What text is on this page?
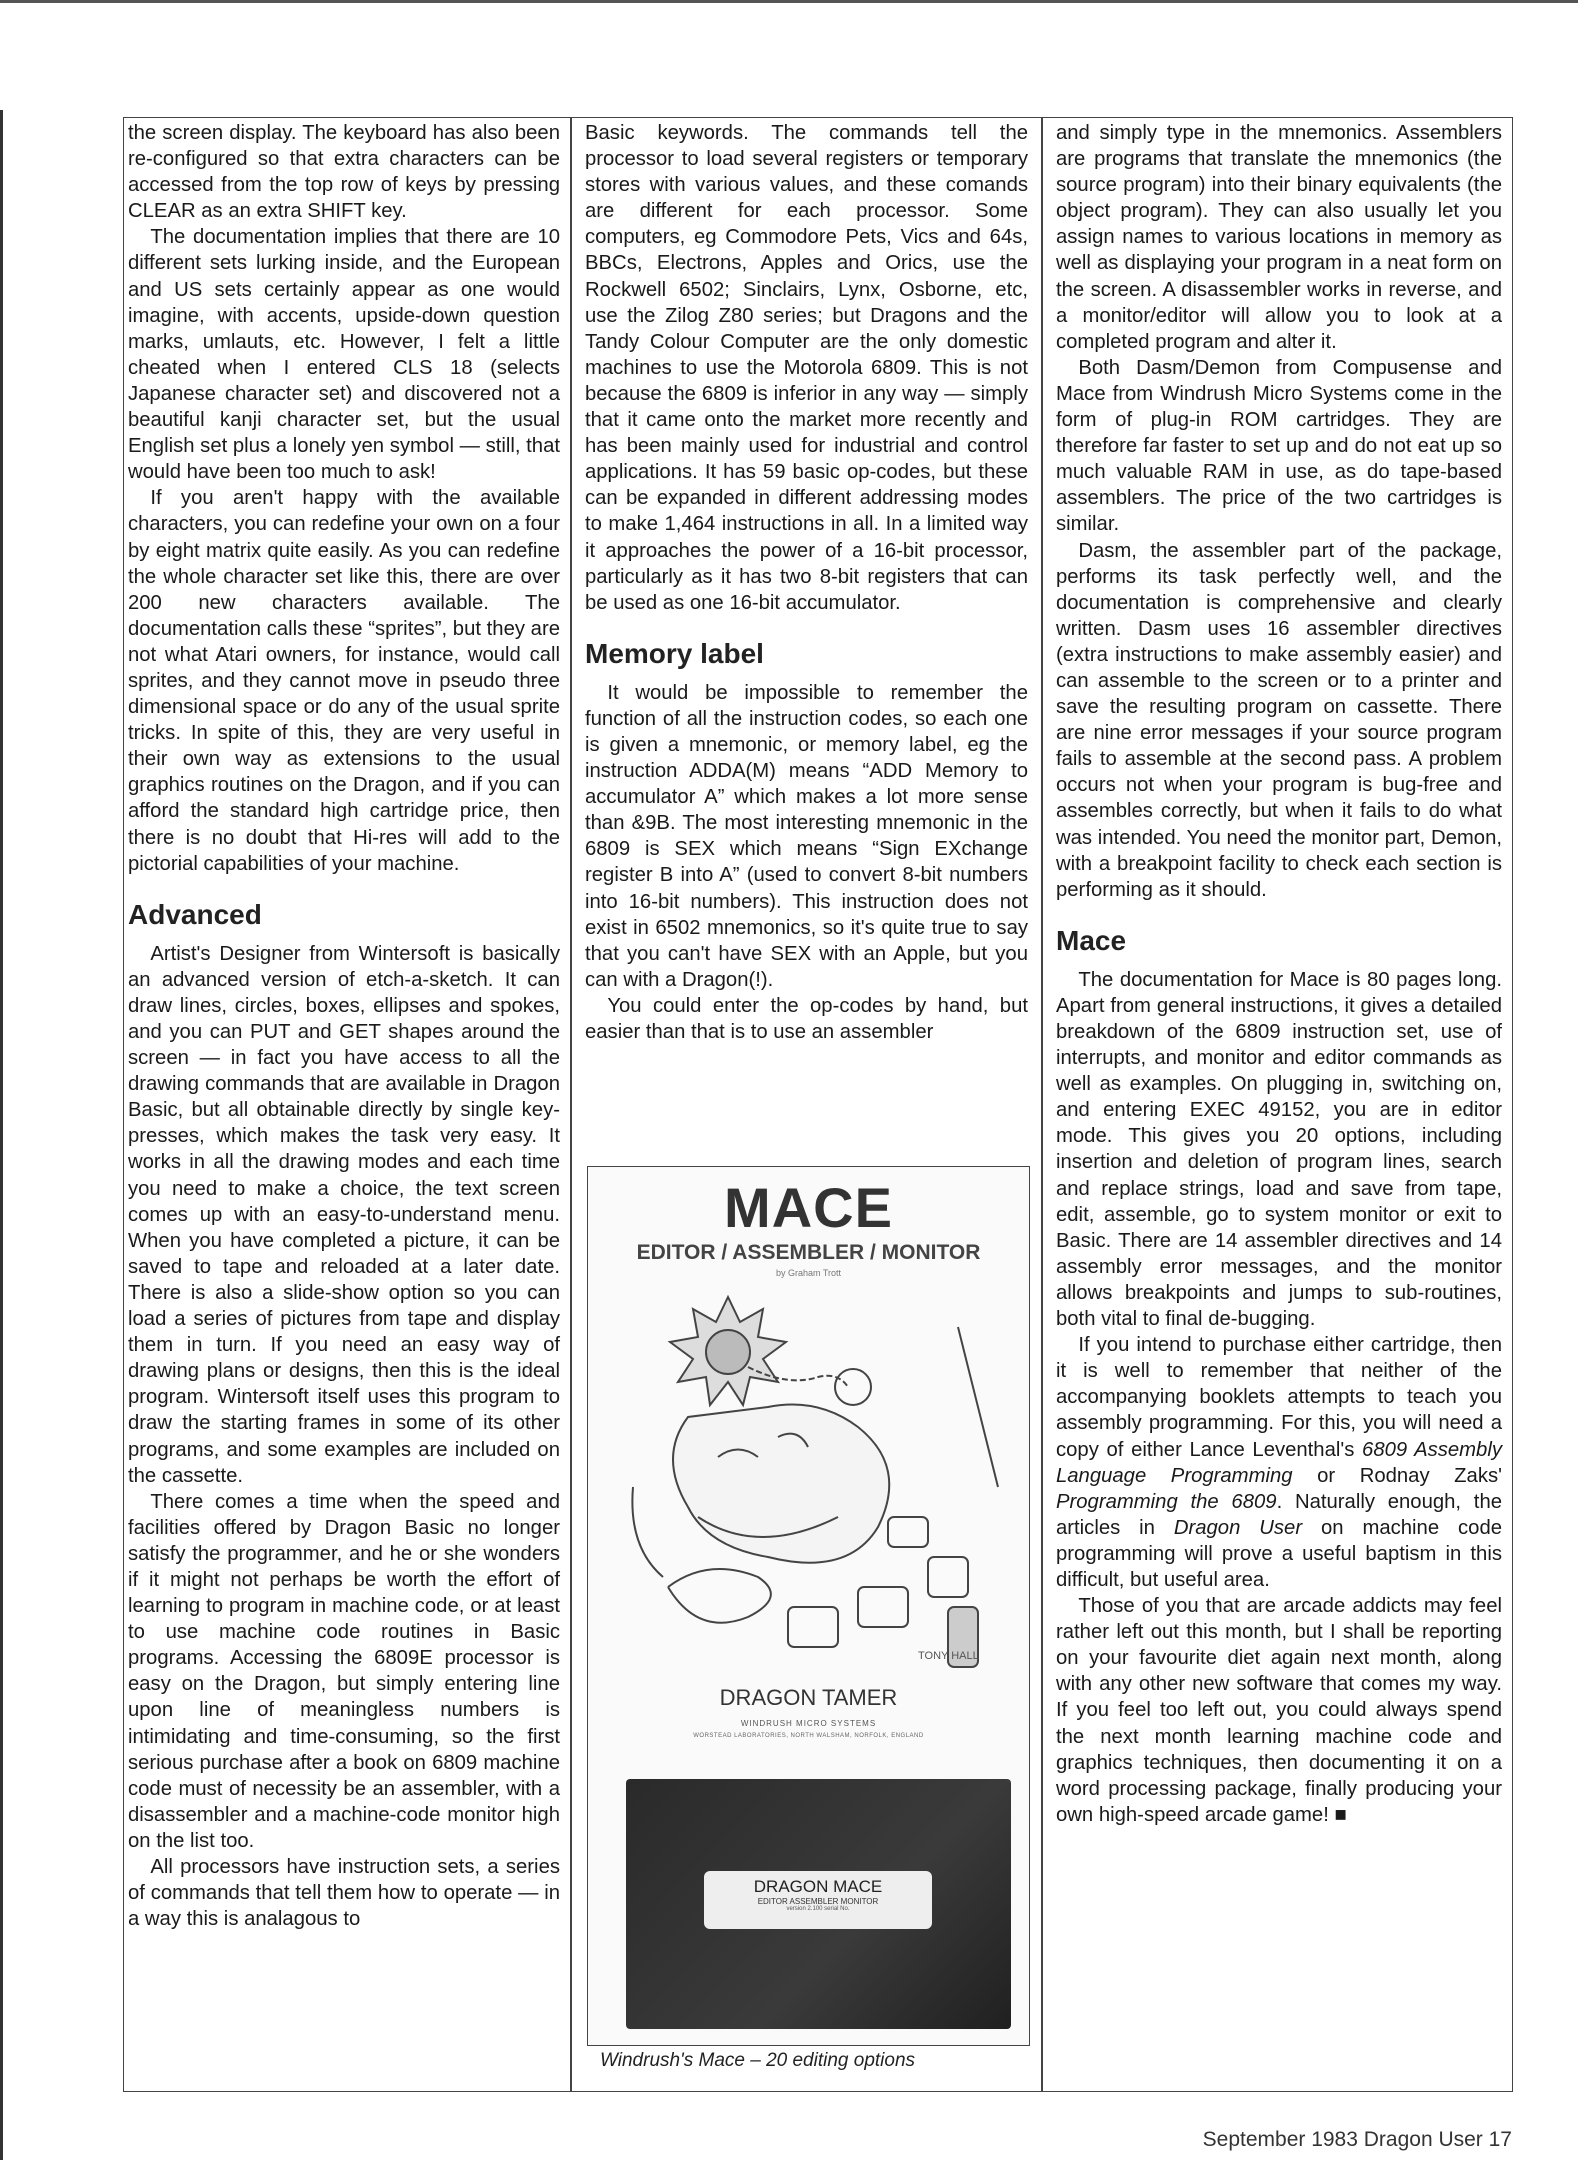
the screen display. The keyboard has also been re-configured so that extra characters can be accessed from the top row of keys by pressing CLEAR as an extra SHIFT key.

The documentation implies that there are 10 different sets lurking inside, and the European and US sets certainly appear as one would imagine, with accents, upside-down question marks, umlauts, etc. However, I felt a little cheated when I entered CLS 18 (selects Japanese character set) and discovered not a beautiful kanji character set, but the usual English set plus a lonely yen symbol — still, that would have been too much to ask!

If you aren't happy with the available characters, you can redefine your own on a four by eight matrix quite easily. As you can redefine the whole character set like this, there are over 200 new characters available. The documentation calls these “sprites”, but they are not what Atari owners, for instance, would call sprites, and they cannot move in pseudo three dimensional space or do any of the usual sprite tricks. In spite of this, they are very useful in their own way as extensions to the usual graphics routines on the Dragon, and if you can afford the standard high cartridge price, then there is no doubt that Hi-res will add to the pictorial capabilities of your machine.

Advanced

Artist's Designer from Wintersoft is basically an advanced version of etch-a-sketch. It can draw lines, circles, boxes, ellipses and spokes, and you can PUT and GET shapes around the screen — in fact you have access to all the drawing commands that are available in Dragon Basic, but all obtainable directly by single keypresses, which makes the task very easy. It works in all the drawing modes and each time you need to make a choice, the text screen comes up with an easy-to-understand menu. When you have completed a picture, it can be saved to tape and reloaded at a later date. There is also a slide-show option so you can load a series of pictures from tape and display them in turn. If you need an easy way of drawing plans or designs, then this is the ideal program. Wintersoft itself uses this program to draw the starting frames in some of its other programs, and some examples are included on the cassette.

There comes a time when the speed and facilities offered by Dragon Basic no longer satisfy the programmer, and he or she wonders if it might not perhaps be worth the effort of learning to program in machine code, or at least to use machine code routines in Basic programs. Accessing the 6809E processor is easy on the Dragon, but simply entering line upon line of meaningless numbers is intimidating and time-consuming, so the first serious purchase after a book on 6809 machine code must of necessity be an assembler, with a disassembler and a machine-code monitor high on the list too.

All processors have instruction sets, a series of commands that tell them how to operate — in a way this is analagous to

Basic keywords. The commands tell the processor to load several registers or temporary stores with various values, and these comands are different for each processor. Some computers, eg Commodore Pets, Vics and 64s, BBCs, Electrons, Apples and Orics, use the Rockwell 6502; Sinclairs, Lynx, Osborne, etc, use the Zilog Z80 series; but Dragons and the Tandy Colour Computer are the only domestic machines to use the Motorola 6809. This is not because the 6809 is inferior in any way — simply that it came onto the market more recently and has been mainly used for industrial and control applications. It has 59 basic op-codes, but these can be expanded in different addressing modes to make 1,464 instructions in all. In a limited way it approaches the power of a 16-bit processor, particularly as it has two 8-bit registers that can be used as one 16-bit accumulator.

Memory label

It would be impossible to remember the function of all the instruction codes, so each one is given a mnemonic, or memory label, eg the instruction ADDA(M) means “ADD Memory to accumulator A” which makes a lot more sense than &9B. The most interesting mnemonic in the 6809 is SEX which means “Sign EXchange register B into A” (used to convert 8-bit numbers into 16-bit numbers). This instruction does not exist in 6502 mnemonics, so it's quite true to say that you can't have SEX with an Apple, but you can with a Dragon(!).

You could enter the op-codes by hand, but easier than that is to use an assembler

and simply type in the mnemonics. Assemblers are programs that translate the mnemonics (the source program) into their binary equivalents (the object program). They can also usually let you assign names to various locations in memory as well as displaying your program in a neat form on the screen. A disassembler works in reverse, and a monitor/editor will allow you to look at a completed program and alter it.

Both Dasm/Demon from Compusense and Mace from Windrush Micro Systems come in the form of plug-in ROM cartridges. They are therefore far faster to set up and do not eat up so much valuable RAM in use, as do tape-based assemblers. The price of the two cartridges is similar.

Dasm, the assembler part of the package, performs its task perfectly well, and the documentation is comprehensive and clearly written. Dasm uses 16 assembler directives (extra instructions to make assembly easier) and can assemble to the screen or to a printer and save the resulting program on cassette. There are nine error messages if your source program fails to assemble at the second pass. A problem occurs not when your program is bug-free and assembles correctly, but when it fails to do what was intended. You need the monitor part, Demon, with a breakpoint facility to check each section is performing as it should.

Mace

The documentation for Mace is 80 pages long. Apart from general instructions, it gives a detailed breakdown of the 6809 instruction set, use of interrupts, and monitor and editor commands as well as examples. On plugging in, switching on, and entering EXEC 49152, you are in editor mode. This gives you 20 options, including insertion and deletion of program lines, search and replace strings, load and save from tape, edit, assemble, go to system monitor or exit to Basic. There are 14 assembler directives and 14 assembly error messages, and the monitor allows breakpoints and jumps to sub-routines, both vital to final de-bugging.

If you intend to purchase either cartridge, then it is well to remember that neither of the accompanying booklets attempts to teach you assembly programming. For this, you will need a copy of either Lance Leventhal's 6809 Assembly Language Programming or Rodnay Zaks' Programming the 6809. Naturally enough, the articles in Dragon User on machine code programming will prove a useful baptism in this difficult, but useful area.

Those of you that are arcade addicts may feel rather left out this month, but I shall be reporting on your favourite diet again next month, along with any other new software that comes my way. If you feel too left out, you could always spend the next month learning machine code and graphics techniques, then documenting it on a word processing package, finally producing your own high-speed arcade game! ■

MACE
EDITOR / ASSEMBLER / MONITOR
by Graham Trott
TONY HALL
DRAGON TAMER
WINDRUSH MICRO SYSTEMS
WORSTEAD LABORATORIES, NORTH WALSHAM, NORFOLK, ENGLAND
DRAGON MACE
EDITOR ASSEMBLER MONITOR
version 2.100 serial No.
Windrush's Mace – 20 editing options
September 1983 Dragon User 17
